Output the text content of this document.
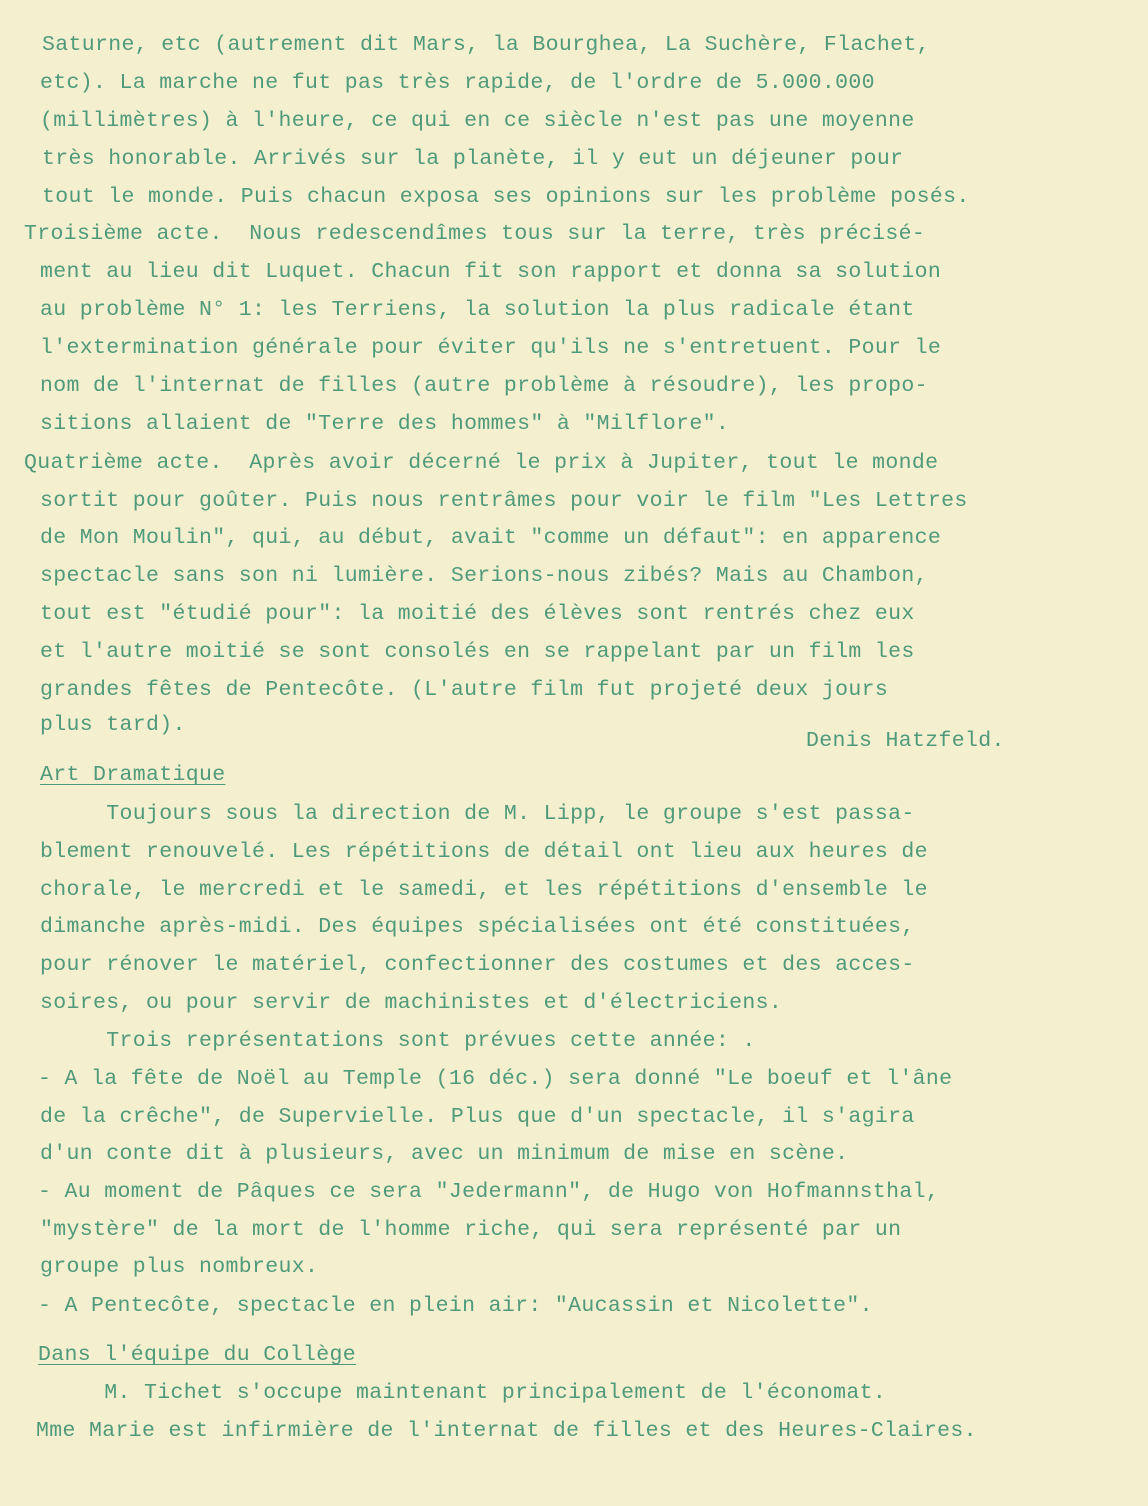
Saturne, etc (autrement dit Mars, la Bourghea, La Suchère, Flachet,
etc). La marche ne fut pas très rapide, de l'ordre de 5.000.000
(millimètres) à l'heure, ce qui en ce siècle n'est pas une moyenne
très honorable. Arrivés sur la planète, il y eut un déjeuner pour
tout le monde. Puis chacun exposa ses opinions sur les problème posés.
Troisième acte.  Nous redescendîmes tous sur la terre, très précisé-
ment au lieu dit Luquet. Chacun fit son rapport et donna sa solution
au problème N° 1: les Terriens, la solution la plus radicale étant
l'extermination générale pour éviter qu'ils ne s'entretuent. Pour le
nom de l'internat de filles (autre problème à résoudre), les propo-
sitions allaient de "Terre des hommes" à "Milflore".
Quatrième acte.  Après avoir décerné le prix à Jupiter, tout le monde
sortit pour goûter. Puis nous rentrâmes pour voir le film "Les Lettres
de Mon Moulin", qui, au début, avait "comme un défaut": en apparence
spectacle sans son ni lumière. Serions-nous zibés? Mais au Chambon,
tout est "étudié pour": la moitié des élèves sont rentrés chez eux
et l'autre moitié se sont consolés en se rappelant par un film les
grandes fêtes de Pentecôte. (L'autre film fut projeté deux jours
plus tard).
Denis Hatzfeld.
Art Dramatique
Toujours sous la direction de M. Lipp, le groupe s'est passa-
blement renouvelé. Les répétitions de détail ont lieu aux heures de
chorale, le mercredi et le samedi, et les répétitions d'ensemble le
dimanche après-midi. Des équipes spécialisées ont été constituées,
pour rénover le matériel, confectionner des costumes et des acces-
soires, ou pour servir de machinistes et d'électriciens.
Trois représentations sont prévues cette année: .
- A la fête de Noël au Temple (16 déc.) sera donné "Le boeuf et l'âne
de la crêche", de Supervielle. Plus que d'un spectacle, il s'agira
d'un conte dit à plusieurs, avec un minimum de mise en scène.
- Au moment de Pâques ce sera "Jedermann", de Hugo von Hofmannsthal,
"mystère" de la mort de l'homme riche, qui sera représenté par un
groupe plus nombreux.
- A Pentecôte, spectacle en plein air: "Aucassin et Nicolette".
Dans l'équipe du Collège
M. Tichet s'occupe maintenant principalement de l'économat.
Mme Marie est infirmière de l'internat de filles et des Heures-Claires.
